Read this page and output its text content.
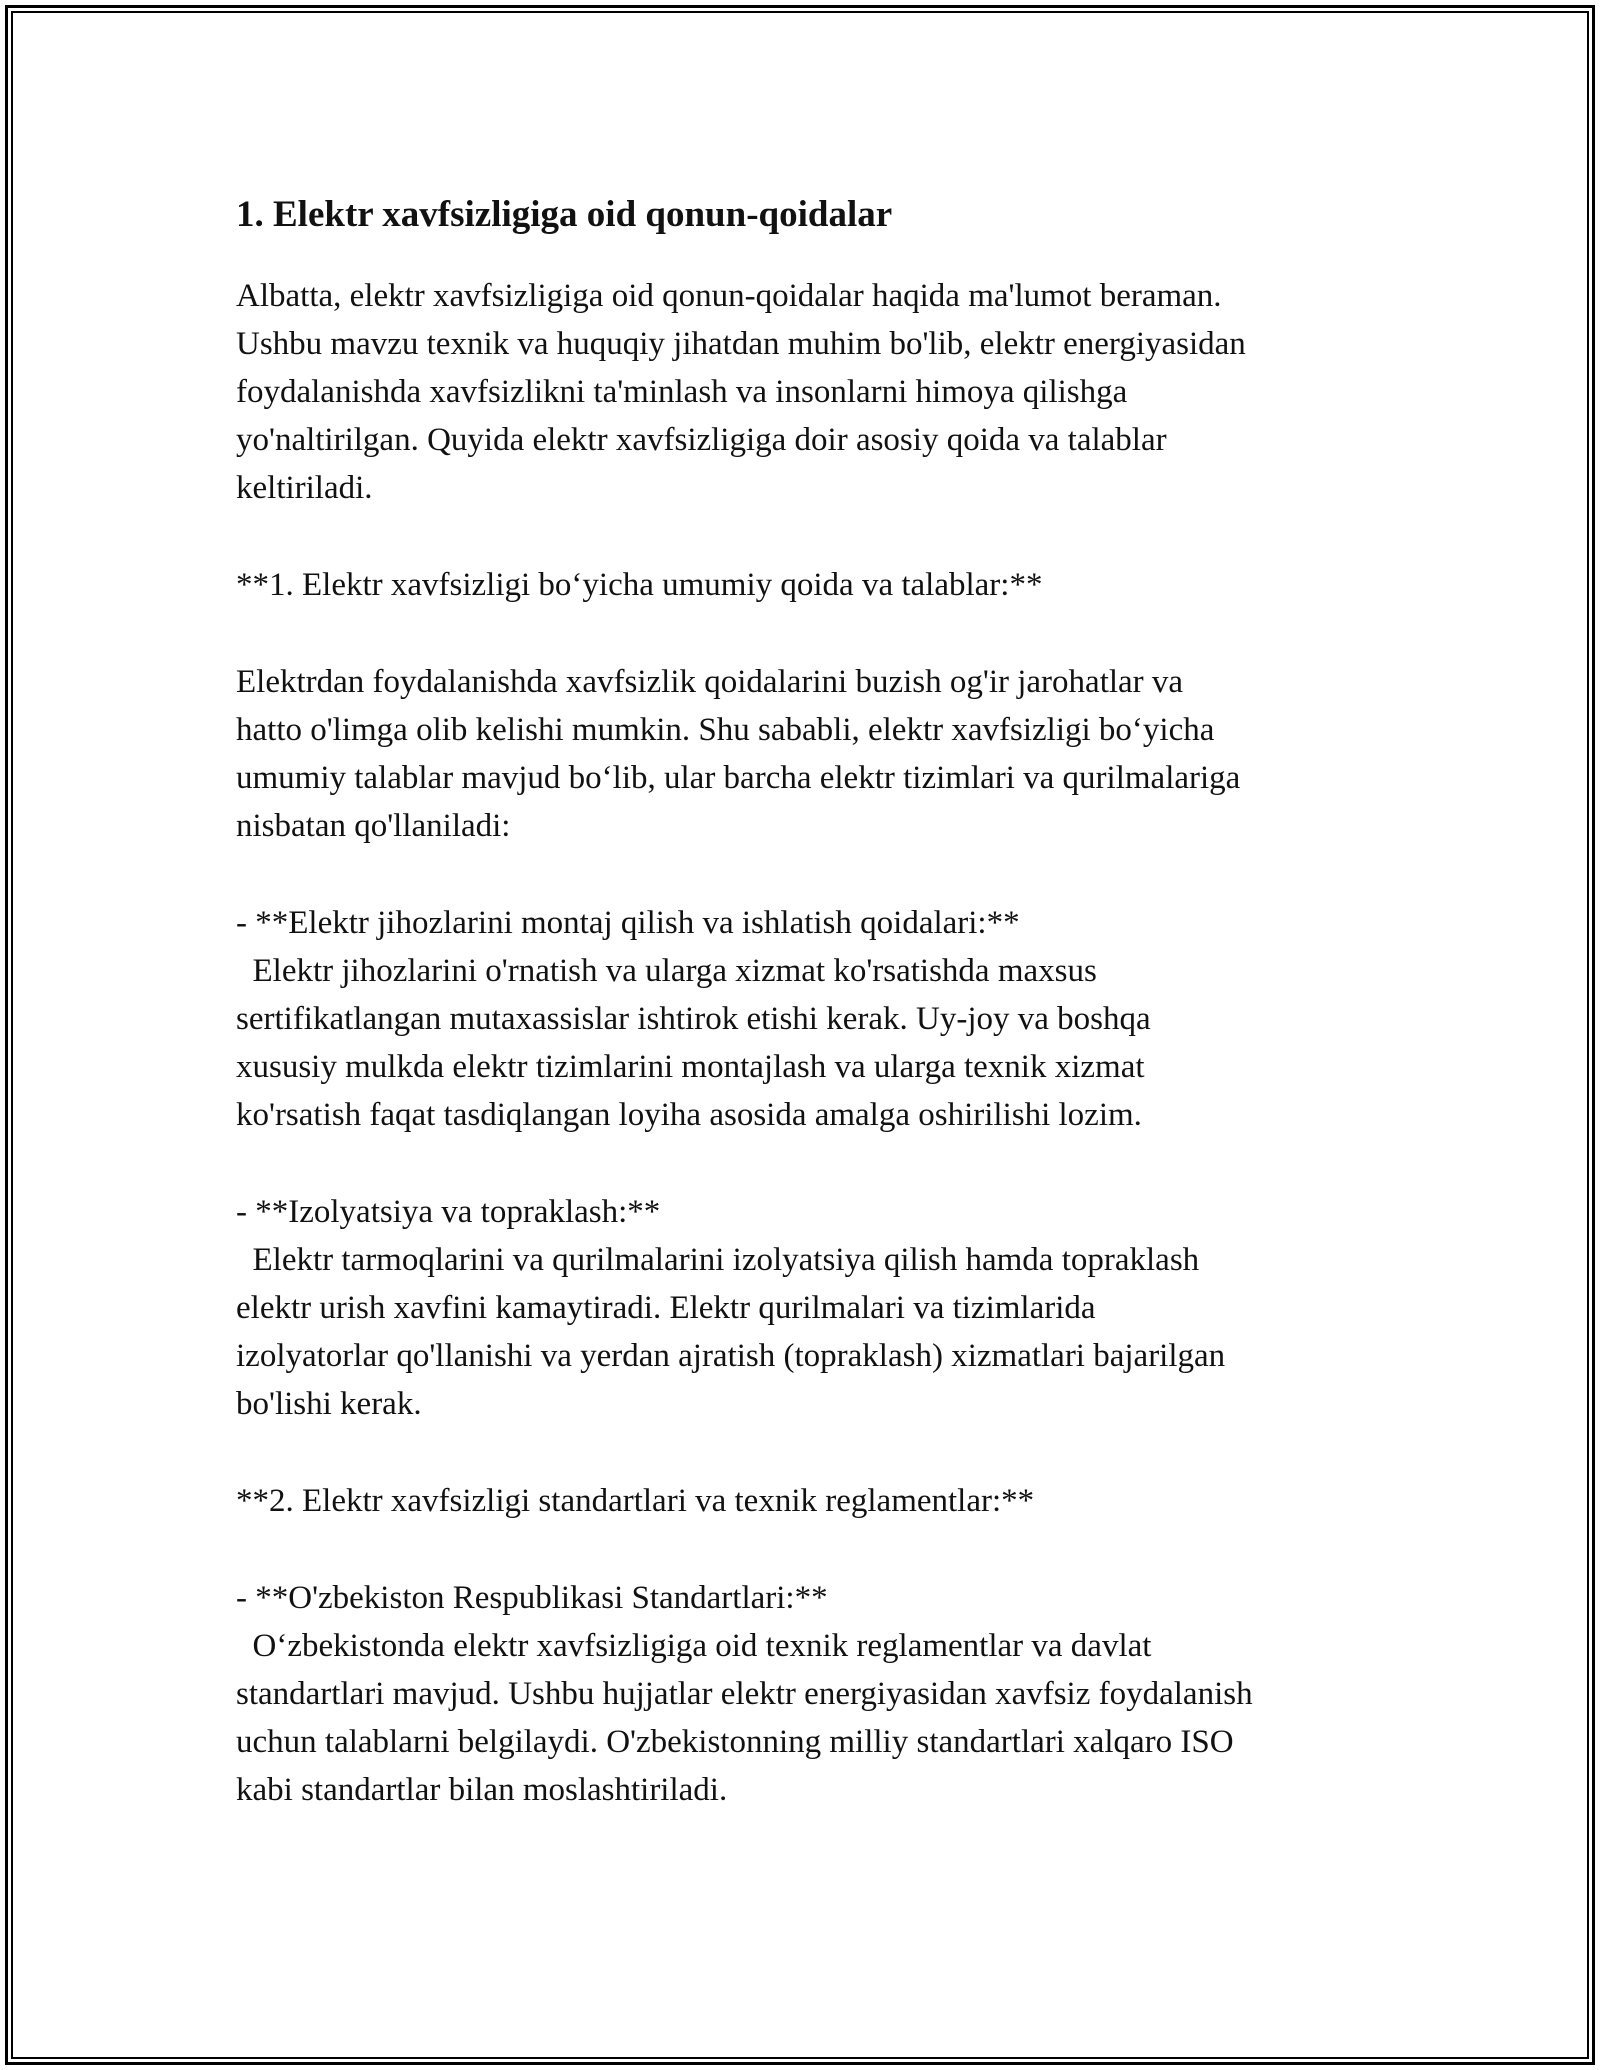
1. Elektr xavfsizligiga oid qonun-qoidalar

Albatta, elektr xavfsizligiga oid qonun-qoidalar haqida ma'lumot beraman.

Ushbu mavzu texnik va huquqiy jihatdan muhim bo'lib, elektr energiyasidan

foydalanishda xavfsizlikni ta'minlash va insonlarni himoya qilishga

yo'naltirilgan. Quyida elektr xavfsizligiga doir asosiy qoida va talablar

keltiriladi.

**1. Elektr xavfsizligi bo‘yicha umumiy qoida va talablar:**

Elektrdan foydalanishda xavfsizlik qoidalarini buzish og'ir jarohatlar va

hatto o'limga olib kelishi mumkin. Shu sababli, elektr xavfsizligi bo‘yicha

umumiy talablar mavjud bo‘lib, ular barcha elektr tizimlari va qurilmalariga

nisbatan qo'llaniladi:

- **Elektr jihozlarini montaj qilish va ishlatish qoidalari:**

Elektr jihozlarini o'rnatish va ularga xizmat ko'rsatishda maxsus

sertifikatlangan mutaxassislar ishtirok etishi kerak. Uy-joy va boshqa

xususiy mulkda elektr tizimlarini montajlash va ularga texnik xizmat

ko'rsatish faqat tasdiqlangan loyiha asosida amalga oshirilishi lozim.

- **Izolyatsiya va topraklash:**

Elektr tarmoqlarini va qurilmalarini izolyatsiya qilish hamda topraklash

elektr urish xavfini kamaytiradi. Elektr qurilmalari va tizimlarida

izolyatorlar qo'llanishi va yerdan ajratish (topraklash) xizmatlari bajarilgan

bo'lishi kerak.

**2. Elektr xavfsizligi standartlari va texnik reglamentlar:**

- **O'zbekiston Respublikasi Standartlari:**

O‘zbekistonda elektr xavfsizligiga oid texnik reglamentlar va davlat

standartlari mavjud. Ushbu hujjatlar elektr energiyasidan xavfsiz foydalanish

uchun talablarni belgilaydi. O'zbekistonning milliy standartlari xalqaro ISO

kabi standartlar bilan moslashtiriladi.
